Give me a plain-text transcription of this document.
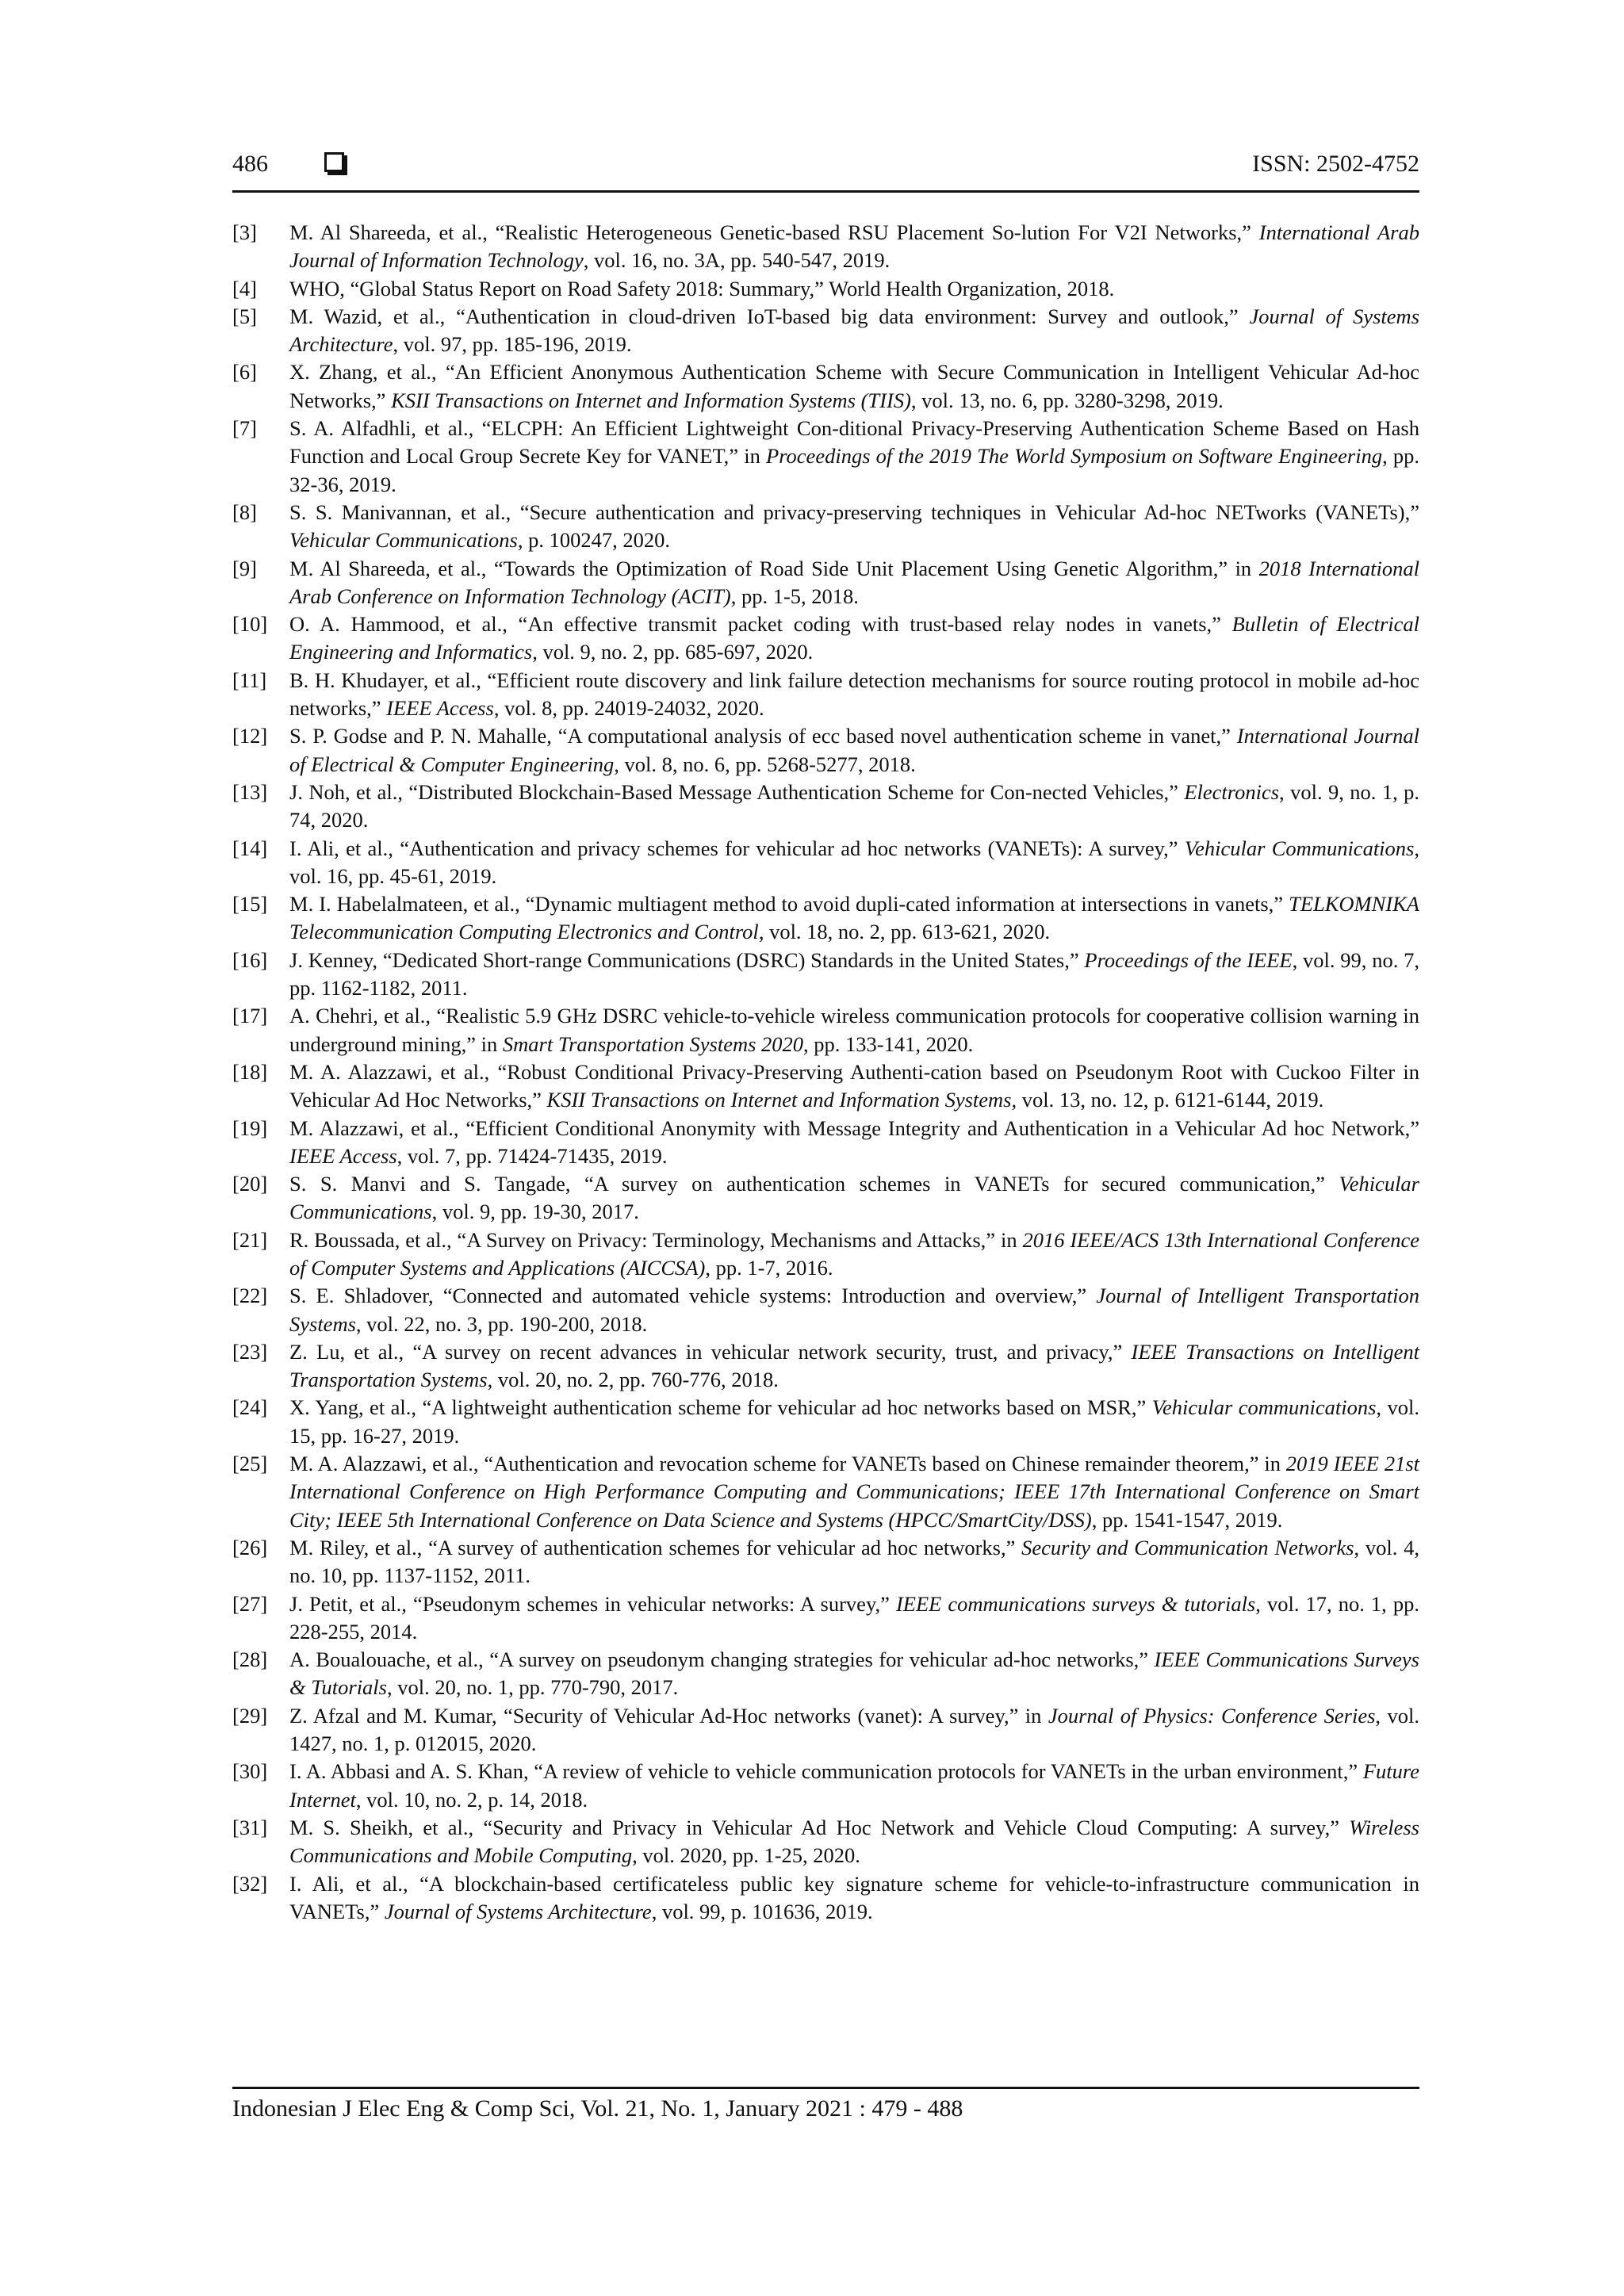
486	ISSN: 2502-4752
[3] M. Al Shareeda, et al., “Realistic Heterogeneous Genetic-based RSU Placement So-lution For V2I Networks,” International Arab Journal of Information Technology, vol. 16, no. 3A, pp. 540-547, 2019.
[4] WHO, “Global Status Report on Road Safety 2018: Summary,” World Health Organization, 2018.
[5] M. Wazid, et al., “Authentication in cloud-driven IoT-based big data environment: Survey and outlook,” Journal of Systems Architecture, vol. 97, pp. 185-196, 2019.
[6] X. Zhang, et al., “An Efficient Anonymous Authentication Scheme with Secure Communication in Intelligent Vehicular Ad-hoc Networks,” KSII Transactions on Internet and Information Systems (TIIS), vol. 13, no. 6, pp. 3280-3298, 2019.
[7] S. A. Alfadhli, et al., “ELCPH: An Efficient Lightweight Con-ditional Privacy-Preserving Authentication Scheme Based on Hash Function and Local Group Secrete Key for VANET,” in Proceedings of the 2019 The World Symposium on Software Engineering, pp. 32-36, 2019.
[8] S. S. Manivannan, et al., “Secure authentication and privacy-preserving techniques in Vehicular Ad-hoc NETworks (VANETs),” Vehicular Communications, p. 100247, 2020.
[9] M. Al Shareeda, et al., “Towards the Optimization of Road Side Unit Placement Using Genetic Algorithm,” in 2018 International Arab Conference on Information Technology (ACIT), pp. 1-5, 2018.
[10] O. A. Hammood, et al., “An effective transmit packet coding with trust-based relay nodes in vanets,” Bulletin of Electrical Engineering and Informatics, vol. 9, no. 2, pp. 685-697, 2020.
[11] B. H. Khudayer, et al., “Efficient route discovery and link failure detection mechanisms for source routing protocol in mobile ad-hoc networks,” IEEE Access, vol. 8, pp. 24019-24032, 2020.
[12] S. P. Godse and P. N. Mahalle, “A computational analysis of ecc based novel authentication scheme in vanet,” International Journal of Electrical & Computer Engineering, vol. 8, no. 6, pp. 5268-5277, 2018.
[13] J. Noh, et al., “Distributed Blockchain-Based Message Authentication Scheme for Con-nected Vehicles,” Electronics, vol. 9, no. 1, p. 74, 2020.
[14] I. Ali, et al., “Authentication and privacy schemes for vehicular ad hoc networks (VANETs): A survey,” Vehicular Communications, vol. 16, pp. 45-61, 2019.
[15] M. I. Habelalmateen, et al., “Dynamic multiagent method to avoid dupli-cated information at intersections in vanets,” TELKOMNIKA Telecommunication Computing Electronics and Control, vol. 18, no. 2, pp. 613-621, 2020.
[16] J. Kenney, “Dedicated Short-range Communications (DSRC) Standards in the United States,” Proceedings of the IEEE, vol. 99, no. 7, pp. 1162-1182, 2011.
[17] A. Chehri, et al., “Realistic 5.9 GHz DSRC vehicle-to-vehicle wireless communication protocols for cooperative collision warning in underground mining,” in Smart Transportation Systems 2020, pp. 133-141, 2020.
[18] M. A. Alazzawi, et al., “Robust Conditional Privacy-Preserving Authenti-cation based on Pseudonym Root with Cuckoo Filter in Vehicular Ad Hoc Networks,” KSII Transactions on Internet and Information Systems, vol. 13, no. 12, p. 6121-6144, 2019.
[19] M. Alazzawi, et al., “Efficient Conditional Anonymity with Message Integrity and Authentication in a Vehicular Ad hoc Network,” IEEE Access, vol. 7, pp. 71424-71435, 2019.
[20] S. S. Manvi and S. Tangade, “A survey on authentication schemes in VANETs for secured communication,” Vehicular Communications, vol. 9, pp. 19-30, 2017.
[21] R. Boussada, et al., “A Survey on Privacy: Terminology, Mechanisms and Attacks,” in 2016 IEEE/ACS 13th International Conference of Computer Systems and Applications (AICCSA), pp. 1-7, 2016.
[22] S. E. Shladover, “Connected and automated vehicle systems: Introduction and overview,” Journal of Intelligent Transportation Systems, vol. 22, no. 3, pp. 190-200, 2018.
[23] Z. Lu, et al., “A survey on recent advances in vehicular network security, trust, and privacy,” IEEE Transactions on Intelligent Transportation Systems, vol. 20, no. 2, pp. 760-776, 2018.
[24] X. Yang, et al., “A lightweight authentication scheme for vehicular ad hoc networks based on MSR,” Vehicular communications, vol. 15, pp. 16-27, 2019.
[25] M. A. Alazzawi, et al., “Authentication and revocation scheme for VANETs based on Chinese remainder theorem,” in 2019 IEEE 21st International Conference on High Performance Computing and Communications; IEEE 17th International Conference on Smart City; IEEE 5th International Conference on Data Science and Systems (HPCC/SmartCity/DSS), pp. 1541-1547, 2019.
[26] M. Riley, et al., “A survey of authentication schemes for vehicular ad hoc networks,” Security and Communication Networks, vol. 4, no. 10, pp. 1137-1152, 2011.
[27] J. Petit, et al., “Pseudonym schemes in vehicular networks: A survey,” IEEE communications surveys & tutorials, vol. 17, no. 1, pp. 228-255, 2014.
[28] A. Boualouache, et al., “A survey on pseudonym changing strategies for vehicular ad-hoc networks,” IEEE Communications Surveys & Tutorials, vol. 20, no. 1, pp. 770-790, 2017.
[29] Z. Afzal and M. Kumar, “Security of Vehicular Ad-Hoc networks (vanet): A survey,” in Journal of Physics: Conference Series, vol. 1427, no. 1, p. 012015, 2020.
[30] I. A. Abbasi and A. S. Khan, “A review of vehicle to vehicle communication protocols for VANETs in the urban environment,” Future Internet, vol. 10, no. 2, p. 14, 2018.
[31] M. S. Sheikh, et al., “Security and Privacy in Vehicular Ad Hoc Network and Vehicle Cloud Computing: A survey,” Wireless Communications and Mobile Computing, vol. 2020, pp. 1-25, 2020.
[32] I. Ali, et al., “A blockchain-based certificateless public key signature scheme for vehicle-to-infrastructure communication in VANETs,” Journal of Systems Architecture, vol. 99, p. 101636, 2019.
Indonesian J Elec Eng & Comp Sci, Vol. 21, No. 1, January 2021 : 479 - 488
